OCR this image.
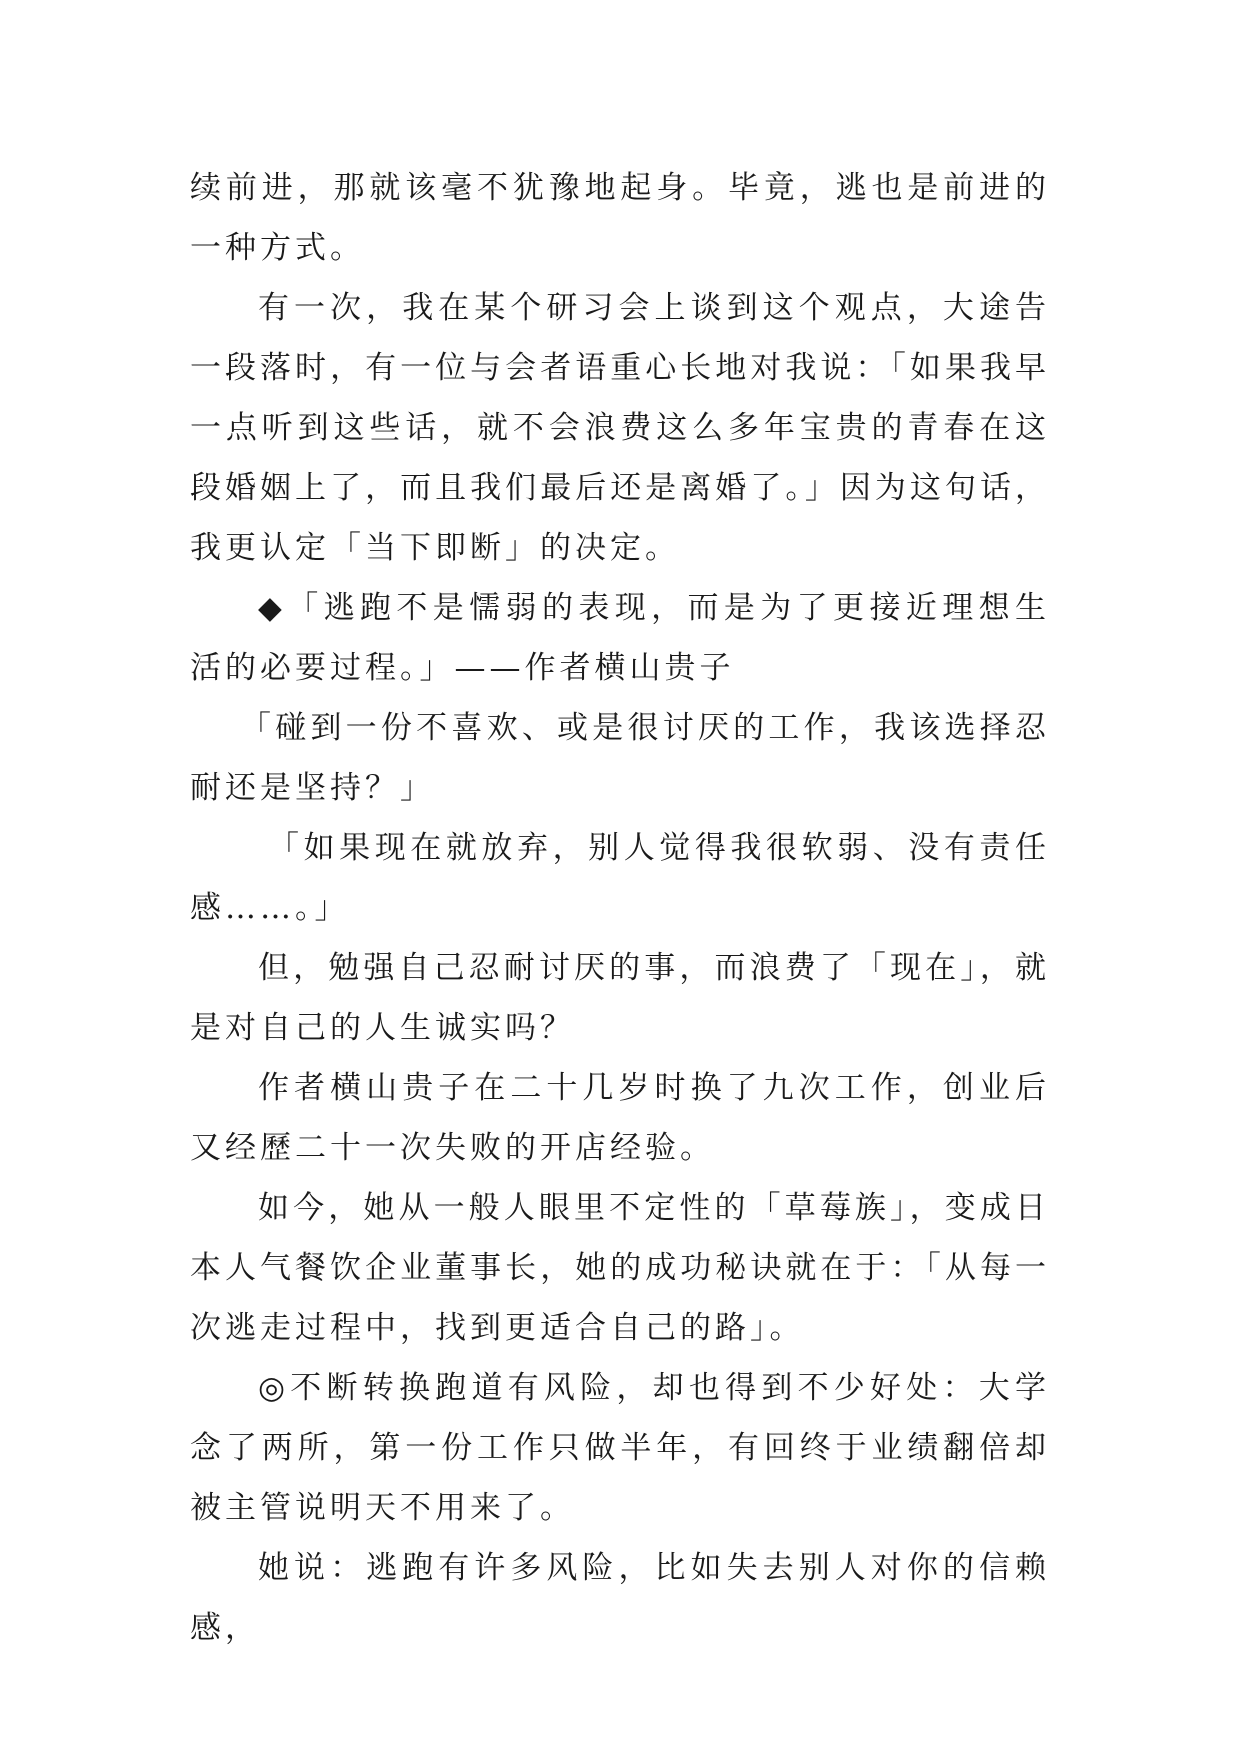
续前进，那就该毫不犹豫地起身。毕竟，逃也是前进的一种方式。

有一次，我在某个研习会上谈到这个观点，大途告一段落时，有一位与会者语重心长地对我说：「如果我早一点听到这些话，就不会浪费这么多年宝贵的青春在这段婚姻上了，而且我们最后还是离婚了。」因为这句话，我更认定「当下即断」的决定。

◆「逃跑不是懦弱的表现，而是为了更接近理想生活的必要过程。」——作者横山贵子

「碰到一份不喜欢、或是很讨厌的工作，我该选择忍耐还是坚持？」

「如果现在就放弃，别人觉得我很软弱、没有责任感……。」

但，勉强自己忍耐讨厌的事，而浪费了「现在」，就是对自己的人生诚实吗？

作者横山贵子在二十几岁时换了九次工作，创业后又经歷二十一次失败的开店经验。

如今，她从一般人眼里不定性的「草莓族」，变成日本人气餐饮企业董事长，她的成功秘诀就在于：「从每一次逃走过程中，找到更适合自己的路」。

◎不断转换跑道有风险，却也得到不少好处：大学念了两所，第一份工作只做半年，有回终于业绩翻倍却被主管说明天不用来了。

她说：逃跑有许多风险，比如失去别人对你的信赖感，
